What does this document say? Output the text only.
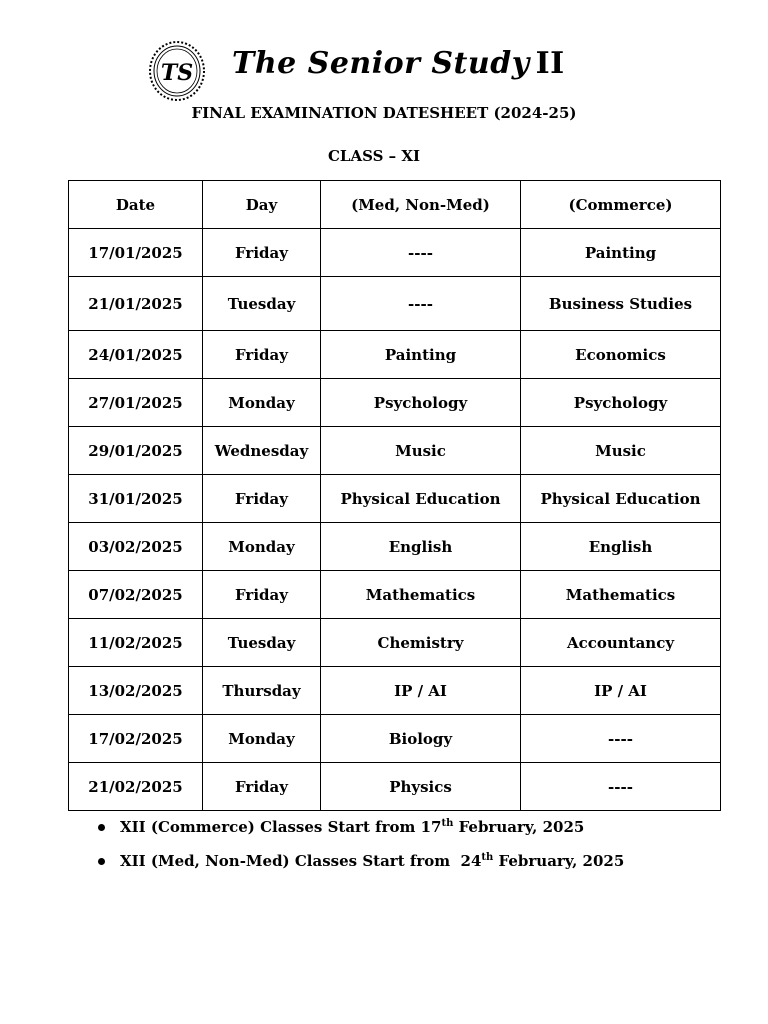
TS The Senior Study II
FINAL EXAMINATION DATESHEET (2024-25)
CLASS – XI
Date	Day	(Med, Non-Med)	(Commerce)
17/01/2025	Friday	----	Painting
21/01/2025	Tuesday	----	Business Studies
24/01/2025	Friday	Painting	Economics
27/01/2025	Monday	Psychology	Psychology
29/01/2025	Wednesday	Music	Music
31/01/2025	Friday	Physical Education	Physical Education
03/02/2025	Monday	English	English
07/02/2025	Friday	Mathematics	Mathematics
11/02/2025	Tuesday	Chemistry	Accountancy
13/02/2025	Thursday	IP / AI	IP / AI
17/02/2025	Monday	Biology	----
21/02/2025	Friday	Physics	----
XII (Commerce) Classes Start from 17th February, 2025
XII (Med, Non-Med) Classes Start from  24th February, 2025
